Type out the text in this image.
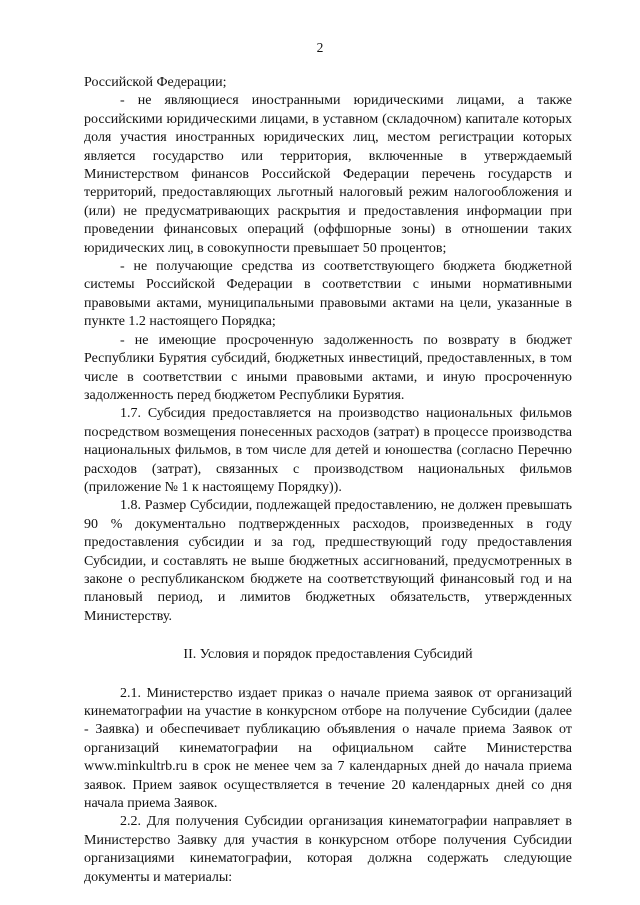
2

Российской Федерации;

- не являющиеся иностранными юридическими лицами, а также российскими юридическими лицами, в уставном (складочном) капитале которых доля участия иностранных юридических лиц, местом регистрации которых является государство или территория, включенные в утверждаемый Министерством финансов Российской Федерации перечень государств и территорий, предоставляющих льготный налоговый режим налогообложения и (или) не предусматривающих раскрытия и предоставления информации при проведении финансовых операций (оффшорные зоны) в отношении таких юридических лиц, в совокупности превышает 50 процентов;

- не получающие средства из соответствующего бюджета бюджетной системы Российской Федерации в соответствии с иными нормативными правовыми актами, муниципальными правовыми актами на цели, указанные в пункте 1.2 настоящего Порядка;

- не имеющие просроченную задолженность по возврату в бюджет Республики Бурятия субсидий, бюджетных инвестиций, предоставленных, в том числе в соответствии с иными правовыми актами, и иную просроченную задолженность перед бюджетом Республики Бурятия.

1.7. Субсидия предоставляется на производство национальных фильмов посредством возмещения понесенных расходов (затрат) в процессе производства национальных фильмов, в том числе для детей и юношества (согласно Перечню расходов (затрат), связанных с производством национальных фильмов (приложение № 1 к настоящему Порядку)).

1.8. Размер Субсидии, подлежащей предоставлению, не должен превышать 90 % документально подтвержденных расходов, произведенных в году предоставления субсидии и за год, предшествующий году предоставления Субсидии, и составлять не выше бюджетных ассигнований, предусмотренных в законе о республиканском бюджете на соответствующий финансовый год и на плановый период, и лимитов бюджетных обязательств, утвержденных Министерству.

II. Условия и порядок предоставления Субсидий

2.1. Министерство издает приказ о начале приема заявок от организаций кинематографии на участие в конкурсном отборе на получение Субсидии (далее - Заявка) и обеспечивает публикацию объявления о начале приема Заявок от организаций кинематографии на официальном сайте Министерства www.minkultrb.ru в срок не менее чем за 7 календарных дней до начала приема заявок. Прием заявок осуществляется в течение 20 календарных дней со дня начала приема Заявок.

2.2. Для получения Субсидии организация кинематографии направляет в Министерство Заявку для участия в конкурсном отборе получения Субсидии организациями кинематографии, которая должна содержать следующие документы и материалы:
